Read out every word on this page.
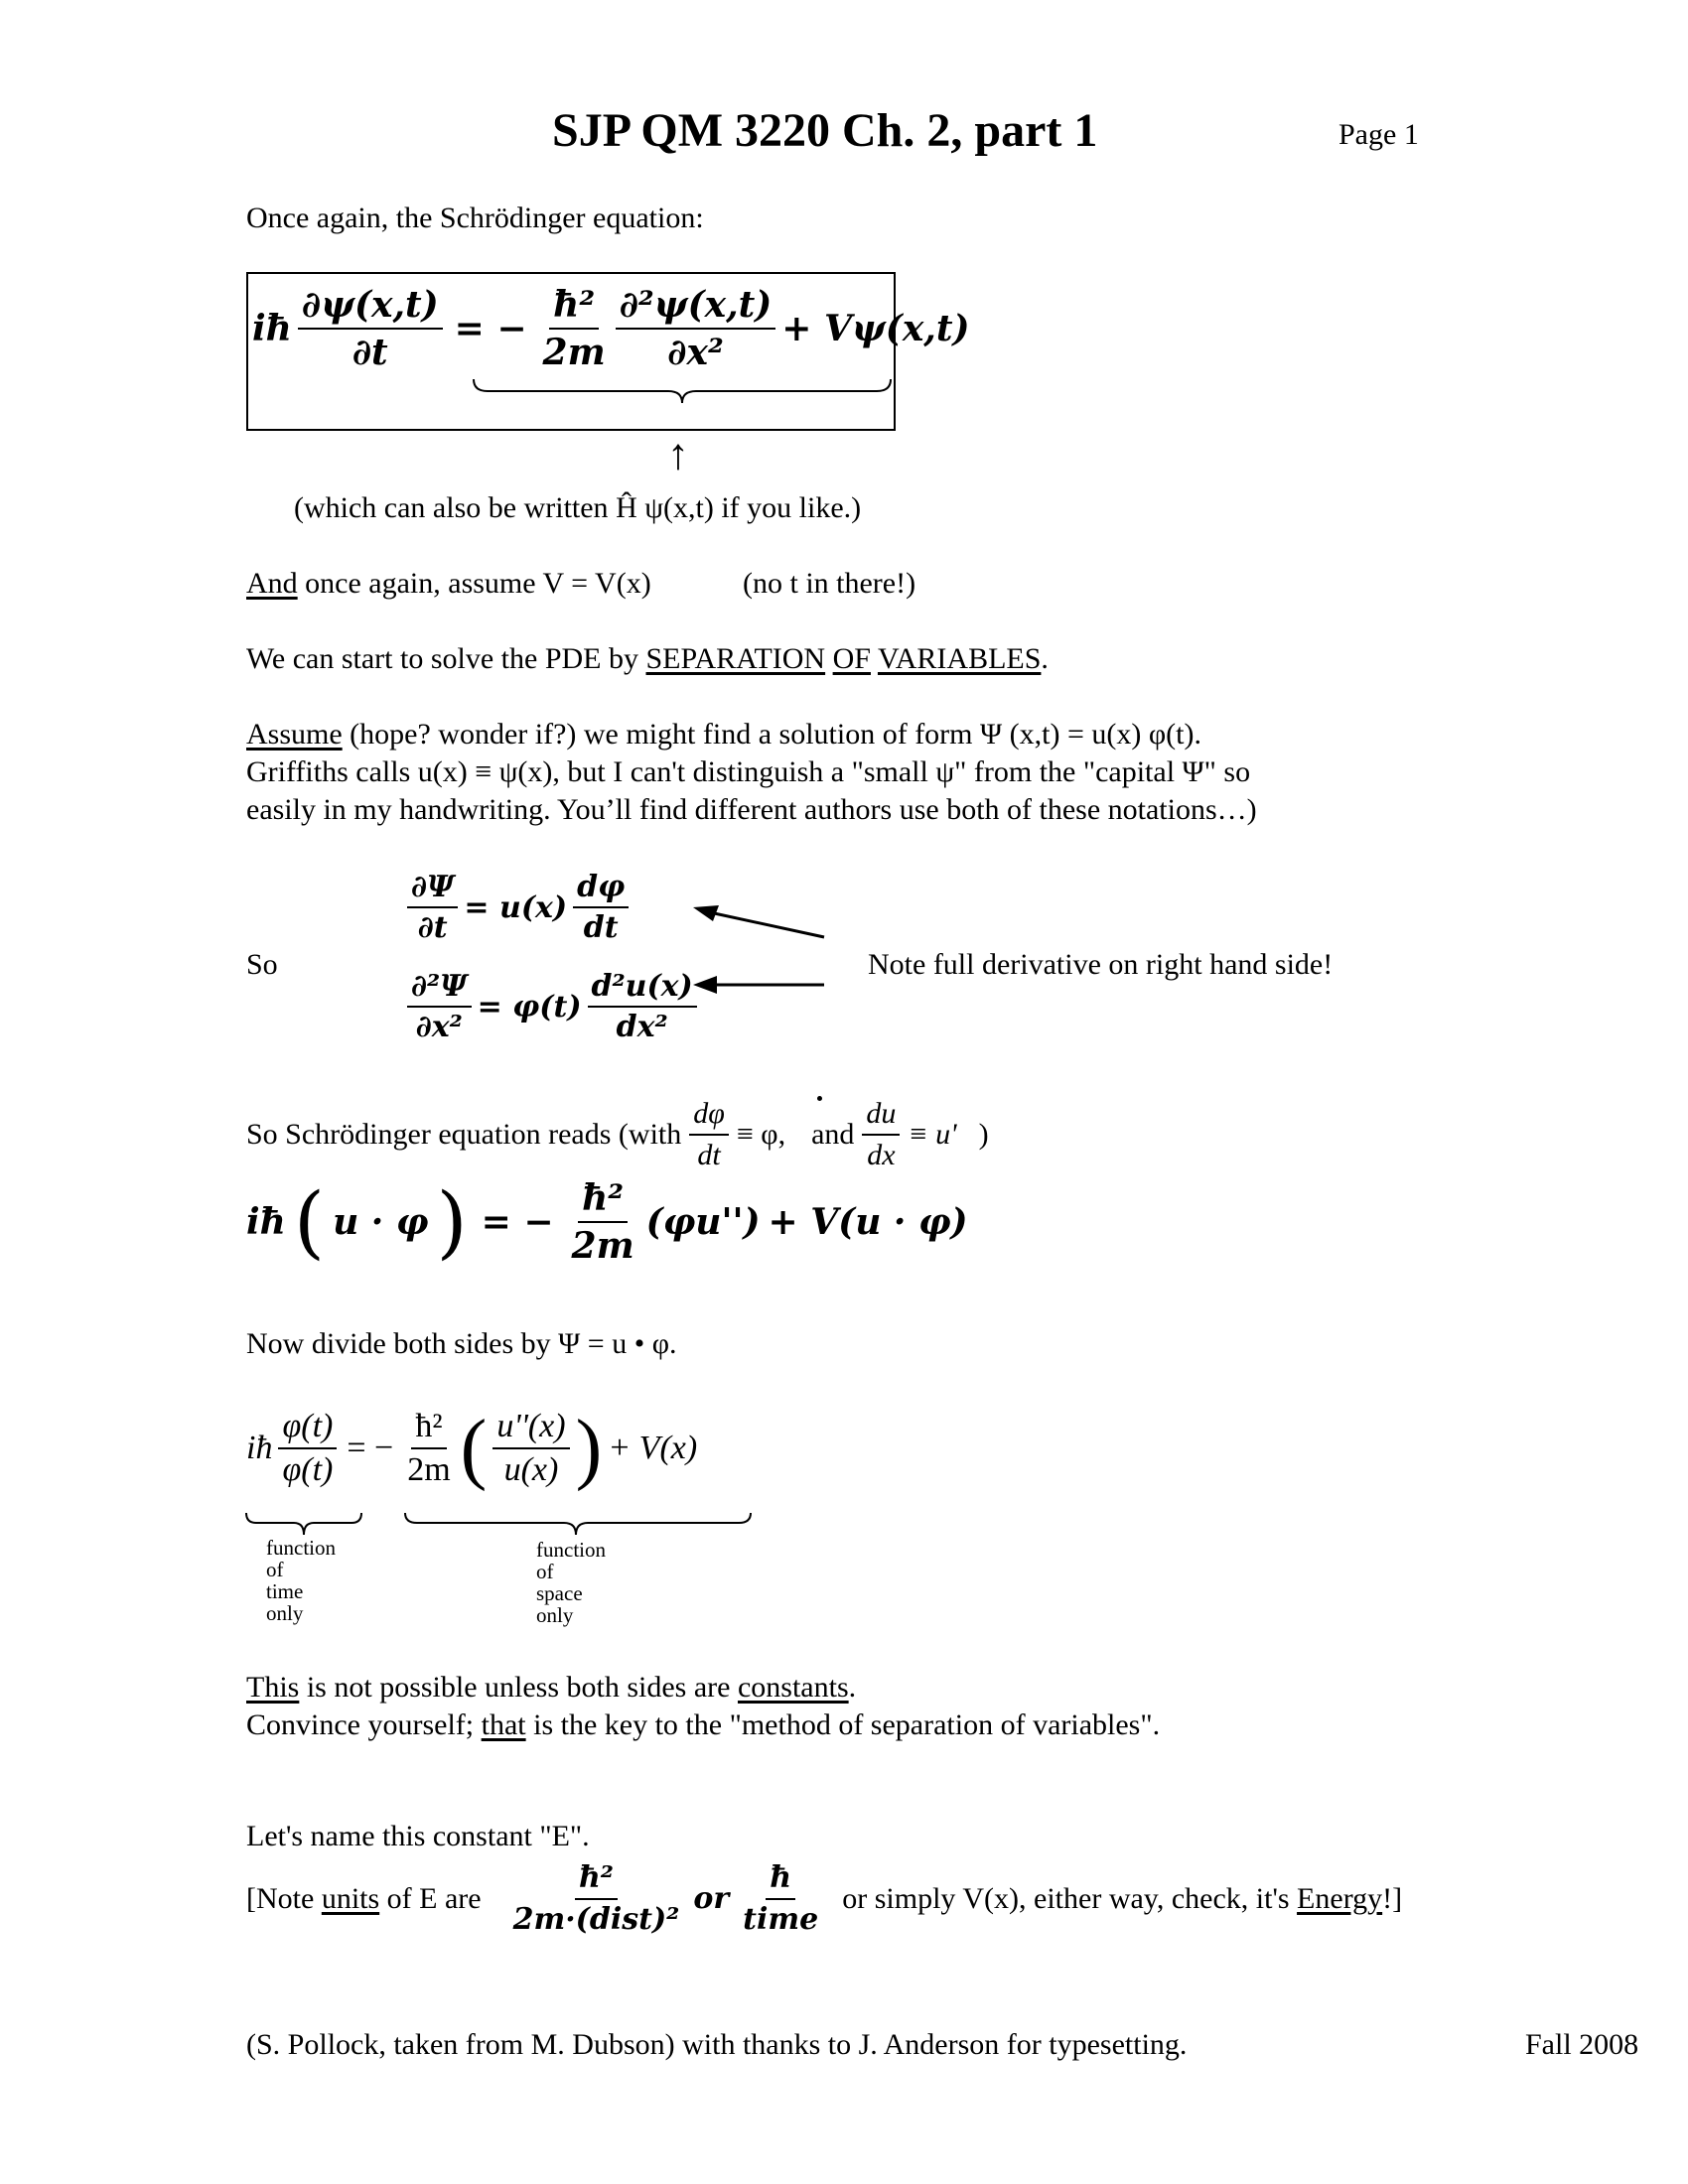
SJP QM 3220 Ch. 2, part 1	Page 1
Once again, the Schrödinger equation:
iħ $\frac{\partial\psi(x,t)}{\partial t}$ = − $\frac{\text{ħ²}}{2m} \frac{\text{∂²ψ(x,t)}}{\text{∂x²}} + V\psi(x,t)$
↑
(which can also be written Ĥ ψ(x,t) if you like.)
And once again, assume V = V(x)	(no t in there!)
We can start to solve the PDE by SEPARATION OF VARIABLES.
Assume (hope? wonder if?) we might find a solution of form Ψ (x,t) = u(x) φ(t).
Griffiths calls u(x) ≡ ψ(x), but I can't distinguish a "small ψ" from the "capital Ψ" so
easily in my handwriting. You’ll find different authors use both of these notations…)
So
$\frac{\partial\Psi}{\partial t} = u(x) \frac{d\varphi}{dt}$
$\frac{\text{∂²Ψ}}{\text{∂x²}} = \varphi(t) \frac{\text{d²u(x)}}{\text{dx²}}$
Note full derivative on right hand side!
So Schrödinger equation reads (with $\frac{d\varphi}{dt} \equiv \varphi$, and $\frac{du}{dx} \equiv u'$ )
iħ ( u · φ ) = − $\frac{\text{ħ²}}{2m} (\varphi u'') + V(u \cdot \varphi)$
Now divide both sides by Ψ = u • φ.
iħ $\frac{\varphi(t)}{\varphi(t)}$ = − $\frac{\text{ħ²}}{2m}$ ( $\frac{u''(x)}{u(x)}$ ) + V(x)
function
of
time
only
function
of
space
only
This is not possible unless both sides are constants.
Convince yourself; that is the key to the "method of separation of variables".
Let's name this constant "E".
[Note units of E are $\frac{\text{ħ²}}{\text{2m·(dist)²}}$ or $\frac{ħ}{\text{time}}$ or simply V(x), either way, check, it's Energy!]
(S. Pollock, taken from M. Dubson) with thanks to J. Anderson for typesetting.	Fall 2008
